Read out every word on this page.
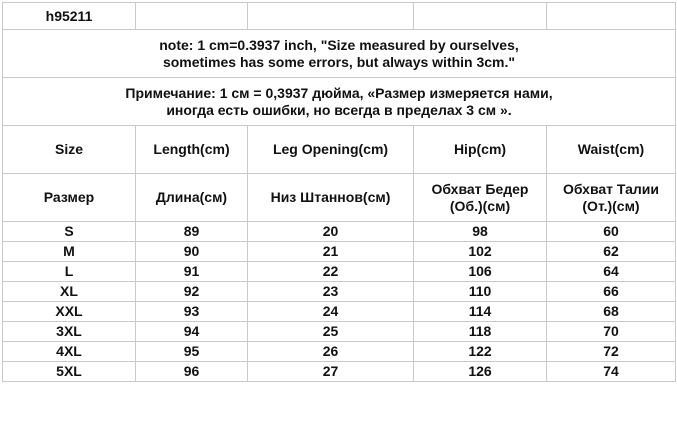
h95211				

note: 1 cm=0.3937 inch, "Size measured by ourselves,
sometimes has some errors, but always within 3cm."				

Примечание: 1 см = 0,3937 дюйма, «Размер измеряется нами,
иногда есть ошибки, но всегда в пределах 3 см ».				

Size	Length(cm)	Leg Opening(cm)	Hip(cm)	Waist(cm)

Размер	Длина(см)	Низ Штаннов(см)	Обхват Бедер
(Об.)(см)	Обхват Талии
(От.)(см)

S	89	20	98	60
M	90	21	102	62
L	91	22	106	64
XL	92	23	110	66
XXL	93	24	114	68
3XL	94	25	118	70
4XL	95	26	122	72
5XL	96	27	126	74
